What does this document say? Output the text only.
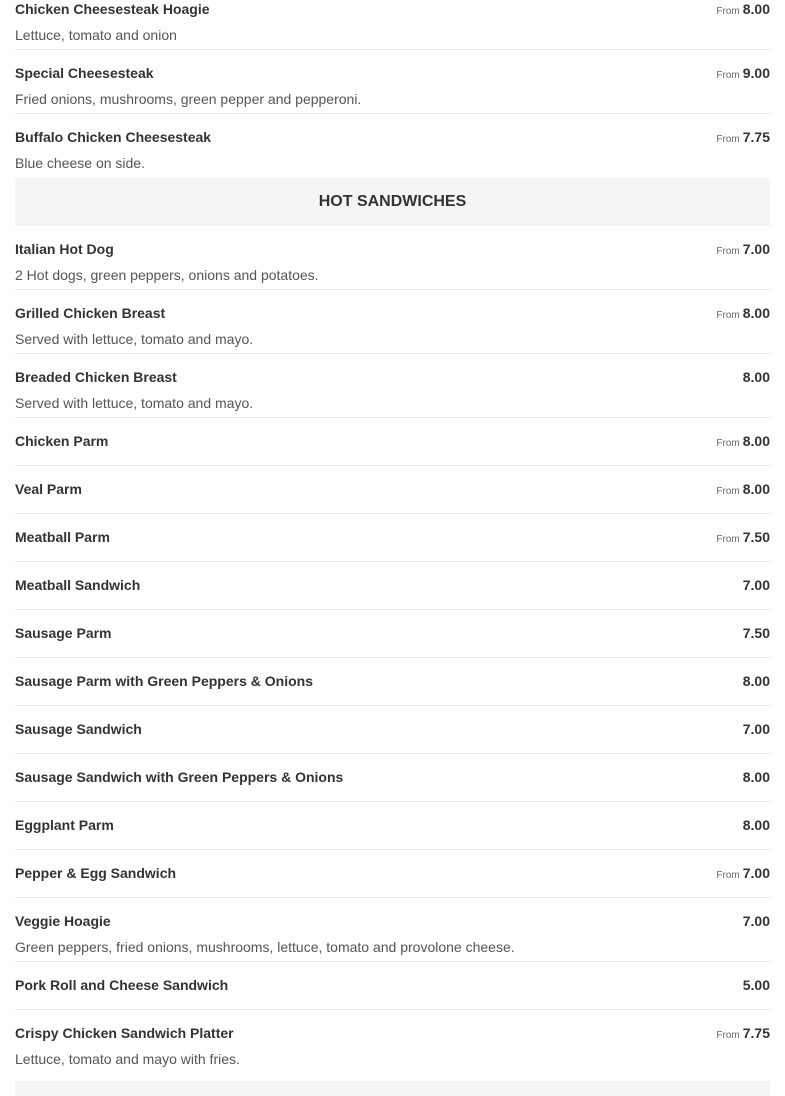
Chicken Cheesesteak Hoagie	From 8.00
Lettuce, tomato and onion
Special Cheesesteak	From 9.00
Fried onions, mushrooms, green pepper and pepperoni.
Buffalo Chicken Cheesesteak	From 7.75
Blue cheese on side.
HOT SANDWICHES
Italian Hot Dog	From 7.00
2 Hot dogs, green peppers, onions and potatoes.
Grilled Chicken Breast	From 8.00
Served with lettuce, tomato and mayo.
Breaded Chicken Breast	8.00
Served with lettuce, tomato and mayo.
Chicken Parm	From 8.00
Veal Parm	From 8.00
Meatball Parm	From 7.50
Meatball Sandwich	7.00
Sausage Parm	7.50
Sausage Parm with Green Peppers & Onions	8.00
Sausage Sandwich	7.00
Sausage Sandwich with Green Peppers & Onions	8.00
Eggplant Parm	8.00
Pepper & Egg Sandwich	From 7.00
Veggie Hoagie	7.00
Green peppers, fried onions, mushrooms, lettuce, tomato and provolone cheese.
Pork Roll and Cheese Sandwich	5.00
Crispy Chicken Sandwich Platter	From 7.75
Lettuce, tomato and mayo with fries.
